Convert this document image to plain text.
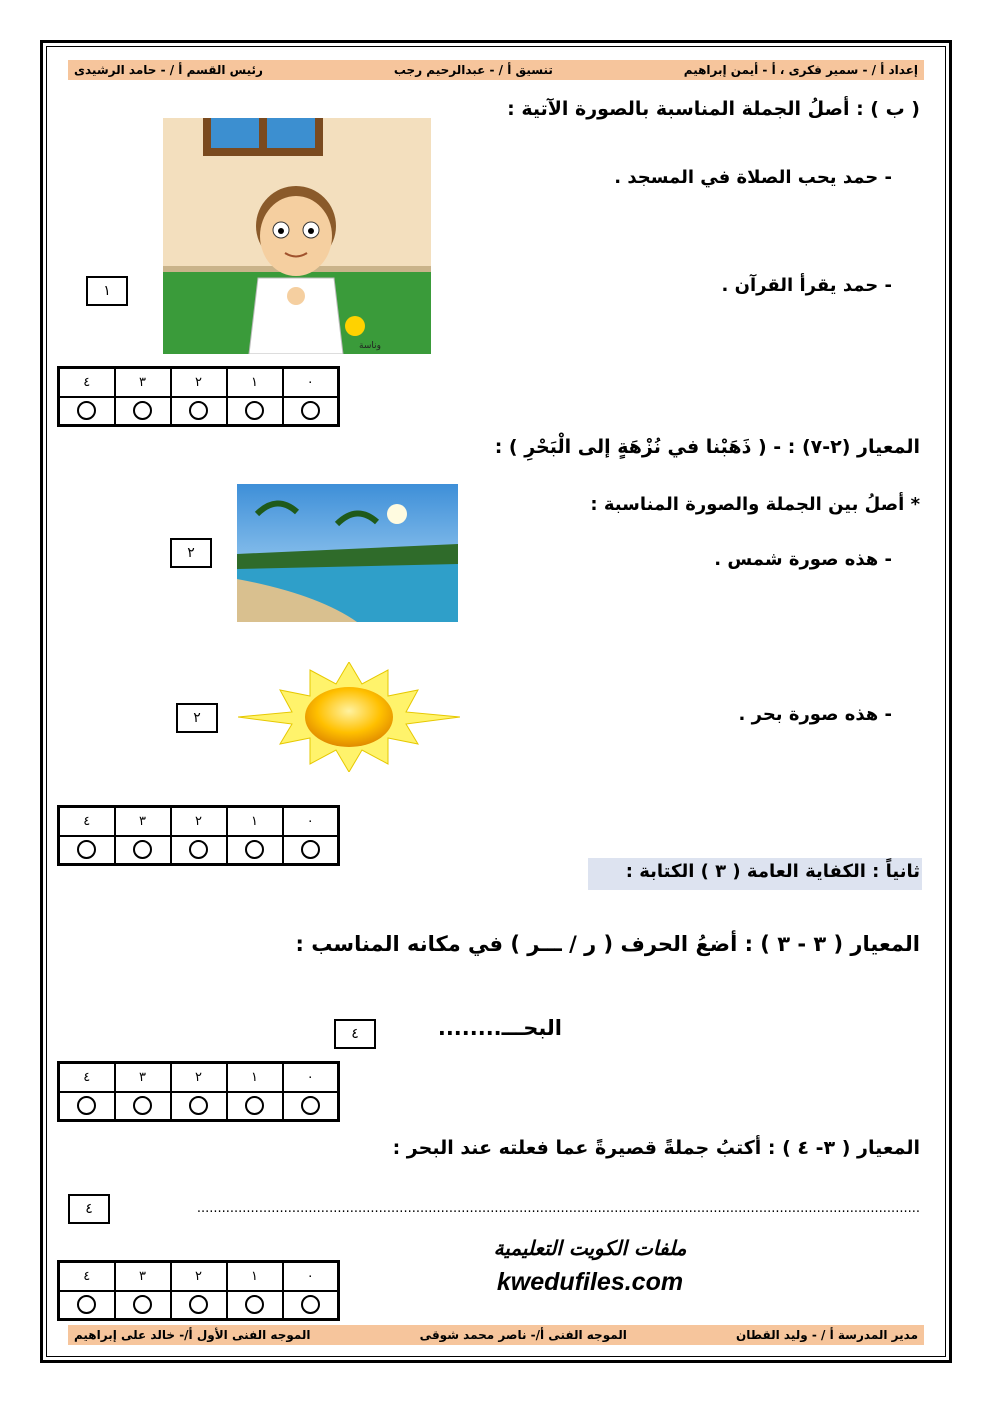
إعداد أ / - سمير فكرى ، أ - أيمن إبراهيم
تنسيق أ / - عبدالرحيم رجب
رئيس القسم أ / - حامد الرشيدى
( ب ) : أصلُ الجملة المناسبة بالصورة الآتية :
وناسة
- حمد يحب الصلاة في المسجد .
- حمد يقرأ القرآن .
١
٤	٣	٢	١	٠

المعيار (٢-٧) : - ( ذَهَبْنا في نُزْهَةٍ إلى الْبَحْرِ ) :
* أصلُ بين الجملة والصورة المناسبة :
- هذه صورة شمس .
٢
- هذه صورة بحر .
٢
٤	٣	٢	١	٠

ثانياً : الكفاية العامة ( ٣ ) الكتابة :
المعيار ( ٣ - ٣ ) : أضعُ الحرف ( ر / ـــر ) في مكانه المناسب :
البحـــ........
٤
٤	٣	٢	١	٠

المعيار ( ٣- ٤ ) : أكتبُ جملةً قصيرةً عما فعلته عند البحر :
...............................................................................................................................................................................
٤
ملفات الكويت التعليمية
kwedufiles.com
٤	٣	٢	١	٠

مدير المدرسة أ / - وليد القطان
الموجه الفنى أ/- ناصر محمد شوقى
الموجه الفنى الأول أ/- خالد على إبراهيم
